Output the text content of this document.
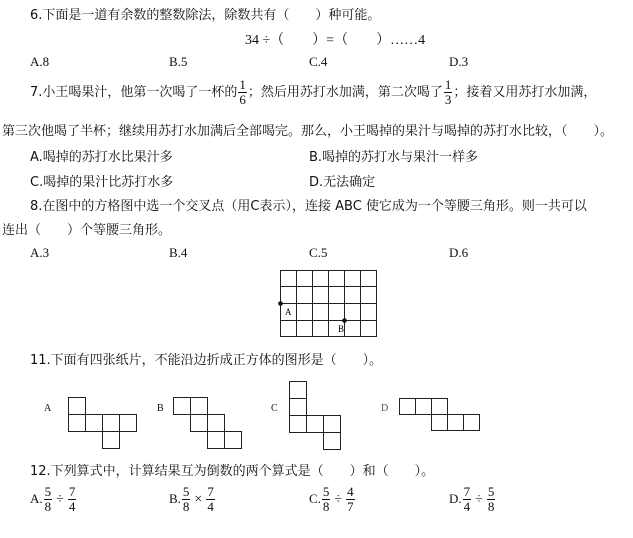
6.下面是一道有余数的整数除法，除数共有（　　）种可能。
34 ÷（　　）=（　　）……4
A.8	B.5	C.4	D.3
7.小王喝果汁，他第一次喝了一杯的 $\frac{1}{6}$ ；然后用苏打水加满，第二次喝了 $\frac{1}{3}$ ；接着又用苏打水加满，
第三次他喝了半杯；继续用苏打水加满后全部喝完。那么，小王喝掉的果汁与喝掉的苏打水比较，（　　）。
A.喝掉的苏打水比果汁多	B.喝掉的苏打水与果汁一样多
C.喝掉的果汁比苏打水多	D.无法确定
8.在图中的方格图中选一个交叉点（用C表示），连接 ABC 使它成为一个等腰三角形。则一共可以
连出（　　）个等腰三角形。
A.3	B.4	C.5	D.6
A
B
11.下面有四张纸片，不能沿边折成正方体的图形是（　　）。
A	B	C	D
12.下列算式中，计算结果互为倒数的两个算式是（　　）和（　　）。
A. $\frac{5}{8} \div \frac{7}{4}$	B. $\frac{5}{8} \times \frac{7}{4}$	C. $\frac{5}{8} \div \frac{4}{7}$	D. $\frac{7}{4} \div \frac{5}{8}$
